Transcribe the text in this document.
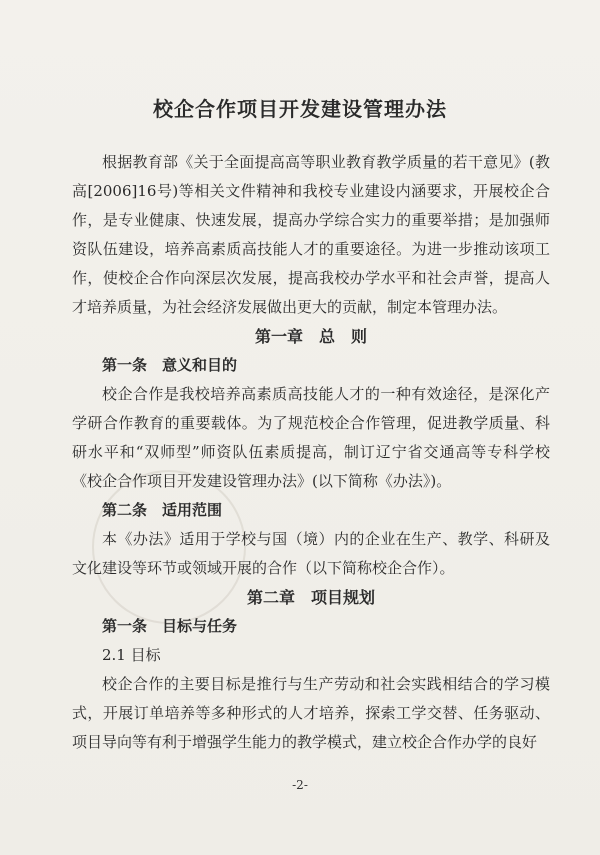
校企合作项目开发建设管理办法

根据教育部《关于全面提高高等职业教育教学质量的若干意见》(教高[2006]16号)等相关文件精神和我校专业建设内涵要求，开展校企合作，是专业健康、快速发展，提高办学综合实力的重要举措；是加强师资队伍建设，培养高素质高技能人才的重要途径。为进一步推动该项工作，使校企合作向深层次发展，提高我校办学水平和社会声誉，提高人才培养质量，为社会经济发展做出更大的贡献，制定本管理办法。

第一章　总　则

第一条　意义和目的

校企合作是我校培养高素质高技能人才的一种有效途径，是深化产学研合作教育的重要载体。为了规范校企合作管理，促进教学质量、科研水平和“双师型”师资队伍素质提高，制订辽宁省交通高等专科学校《校企合作项目开发建设管理办法》(以下简称《办法》)。

第二条　适用范围

本《办法》适用于学校与国（境）内的企业在生产、教学、科研及文化建设等环节或领域开展的合作（以下简称校企合作）。

第二章　项目规划

第一条　目标与任务

2.1 目标

校企合作的主要目标是推行与生产劳动和社会实践相结合的学习模式，开展订单培养等多种形式的人才培养，探索工学交替、任务驱动、项目导向等有利于增强学生能力的教学模式，建立校企合作办学的良好

-2-
